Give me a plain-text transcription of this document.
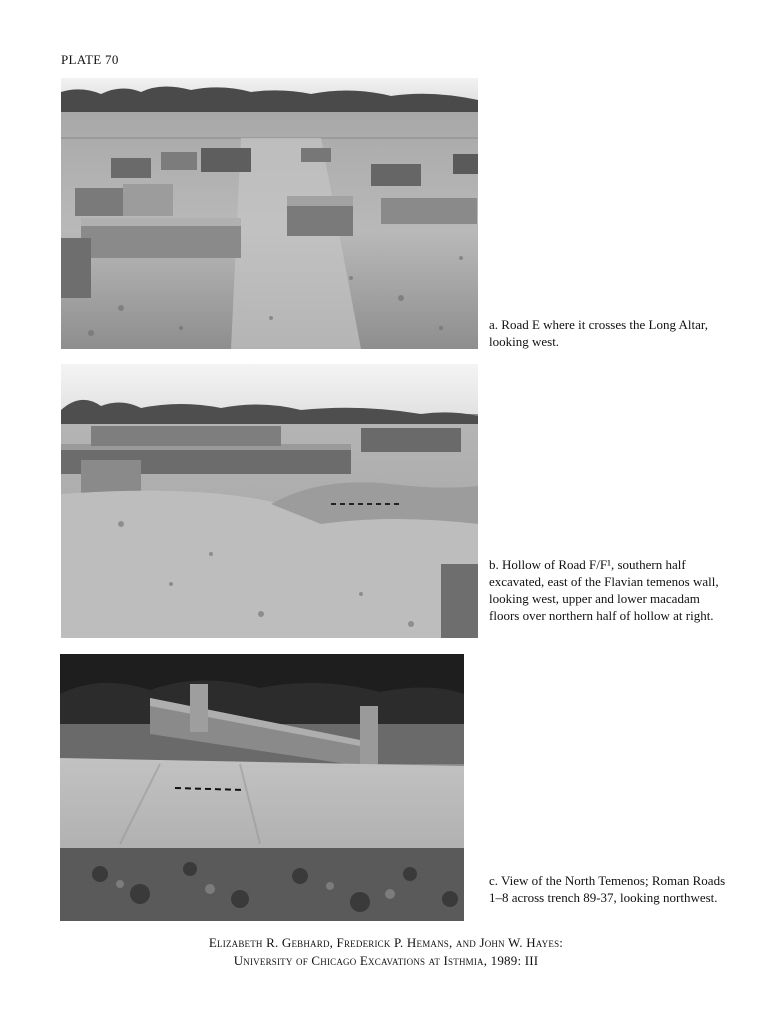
PLATE 70
a. Road E where it crosses the Long Altar, looking west.
b. Hollow of Road F/F¹, southern half excavated, east of the Flavian temenos wall, looking west, upper and lower macadam floors over northern half of hollow at right.
c. View of the North Temenos; Roman Roads 1–8 across trench 89-37, looking northwest.
Elizabeth R. Gebhard, Frederick P. Hemans, and John W. Hayes:
University of Chicago Excavations at Isthmia, 1989: III
